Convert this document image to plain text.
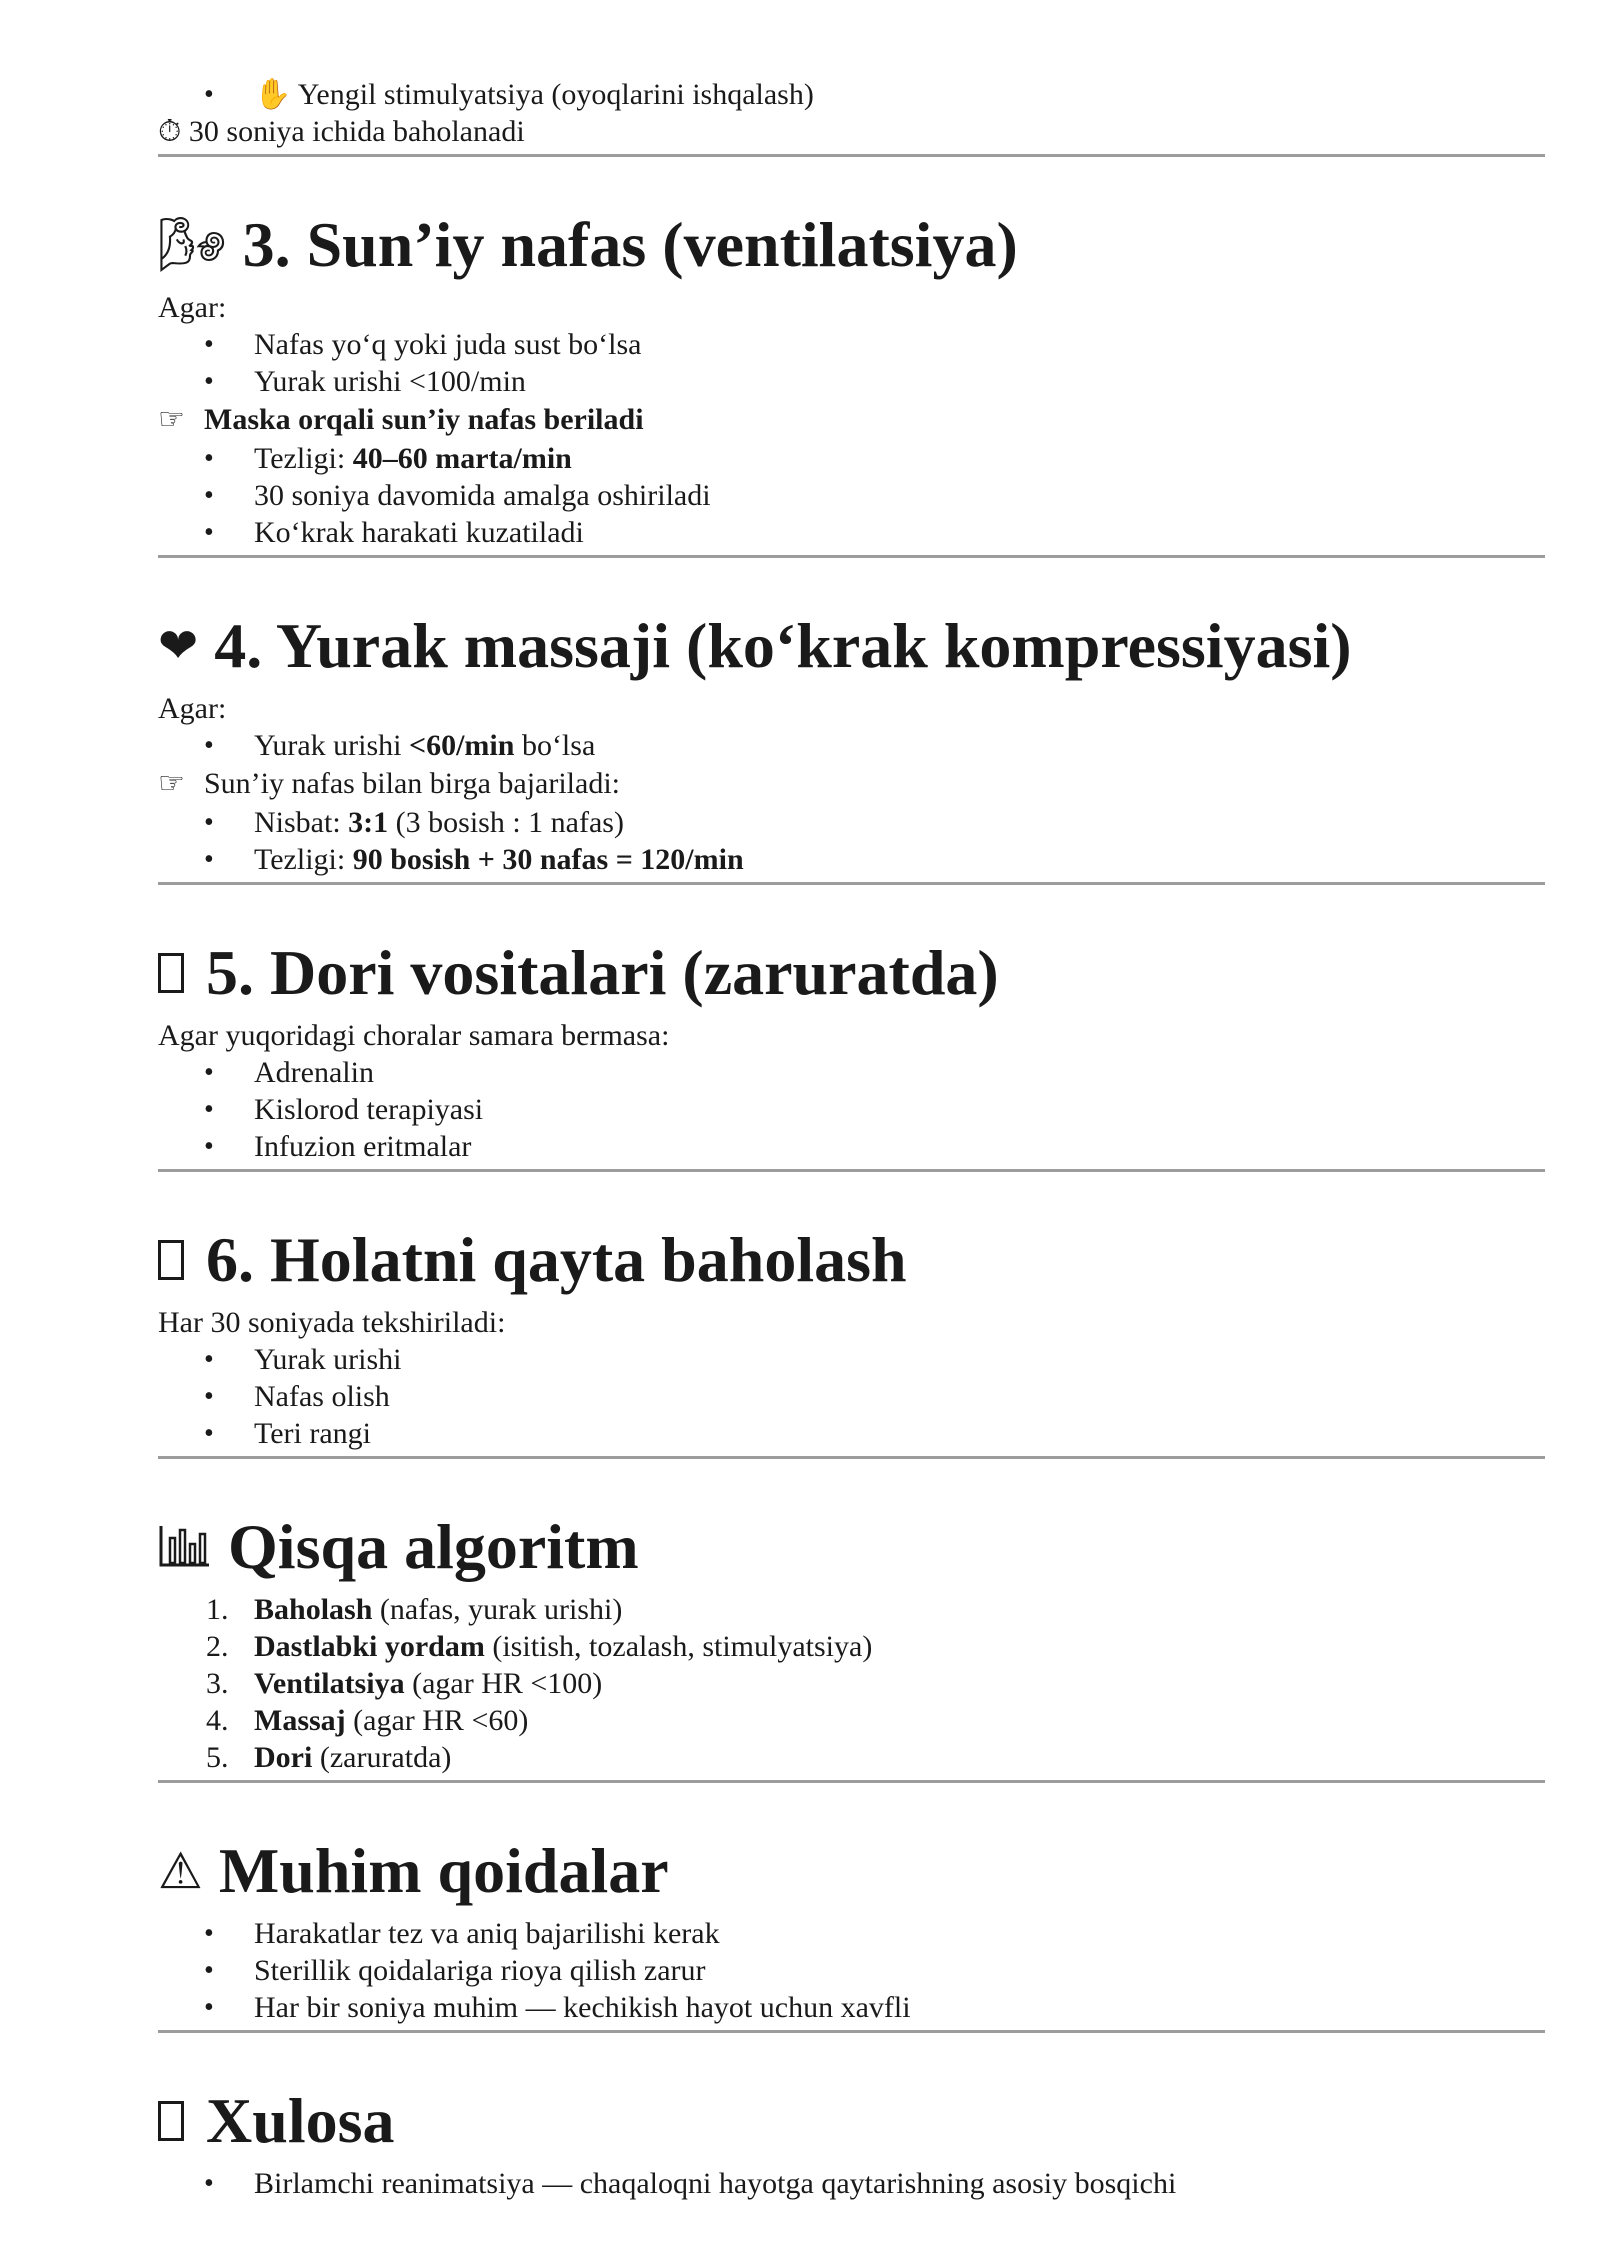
• ✋ Yengil stimulyatsiya (oyoqlarini ishqalash)
⏱ 30 soniya ichida baholanadi
🌬 3. Sun’iy nafas (ventilatsiya)
Agar:
• Nafas yo‘q yoki juda sust bo‘lsa
• Yurak urishi <100/min
☞ Maska orqali sun’iy nafas beriladi
• Tezligi: 40–60 marta/min
• 30 soniya davomida amalga oshiriladi
• Ko‘krak harakati kuzatiladi
❤ 4. Yurak massaji (ko‘krak kompressiyasi)
Agar:
• Yurak urishi <60/min bo‘lsa
☞ Sun’iy nafas bilan birga bajariladi:
• Nisbat: 3:1 (3 bosish : 1 nafas)
• Tezligi: 90 bosish + 30 nafas = 120/min
5. Dori vositalari (zaruratda)
Agar yuqoridagi choralar samara bermasa:
• Adrenalin
• Kislorod terapiyasi
• Infuzion eritmalar
6. Holatni qayta baholash
Har 30 soniyada tekshiriladi:
• Yurak urishi
• Nafas olish
• Teri rangi
Qisqa algoritm
1. Baholash (nafas, yurak urishi)
2. Dastlabki yordam (isitish, tozalash, stimulyatsiya)
3. Ventilatsiya (agar HR <100)
4. Massaj (agar HR <60)
5. Dori (zaruratda)
⚠ Muhim qoidalar
• Harakatlar tez va aniq bajarilishi kerak
• Sterillik qoidalariga rioya qilish zarur
• Har bir soniya muhim — kechikish hayot uchun xavfli
Xulosa
• Birlamchi reanimatsiya — chaqaloqni hayotga qaytarishning asosiy bosqichi
